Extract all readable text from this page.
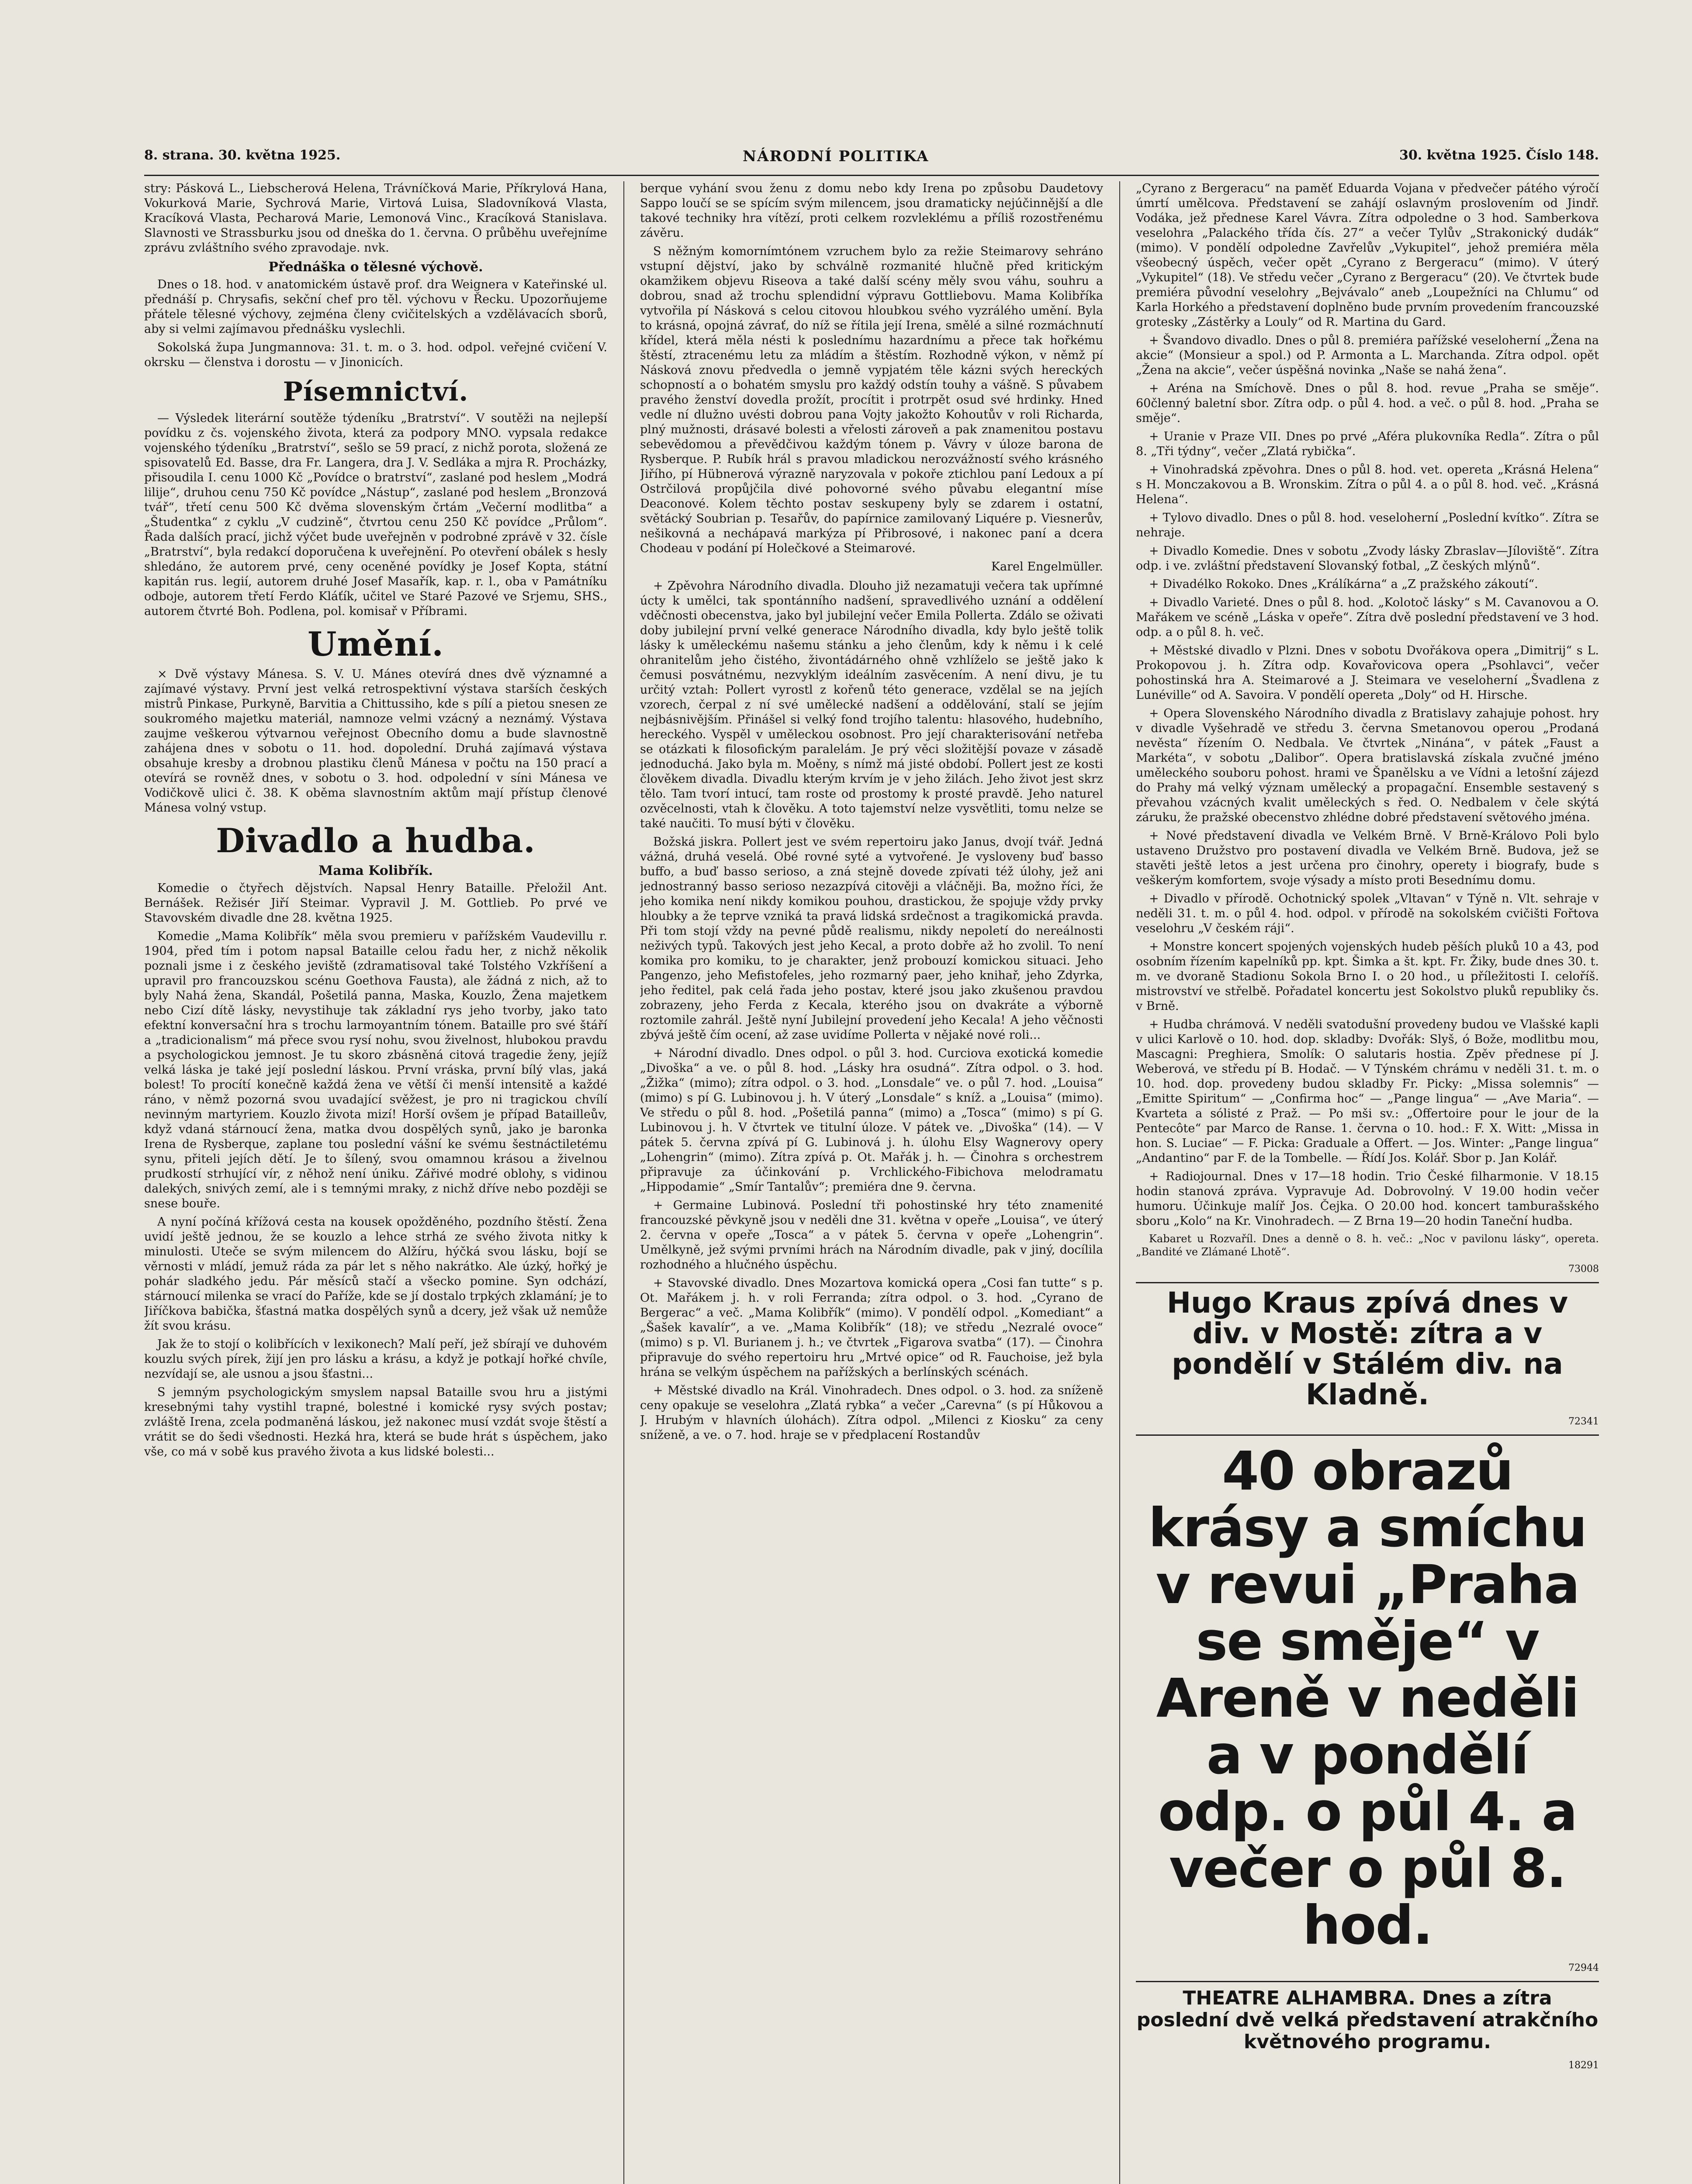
8. strana. 30. května 1925.	NÁRODNÍ POLITIKA	30. května 1925. Číslo 148.

stry: Pásková L., Liebscherová Helena, Trávníčková Marie, Příkrylová Hana, Vokurková Marie, Sychrová Marie, Virtová Luisa, Sladovníková Vlasta, Kracíková Vlasta, Pecharová Marie, Lemonová Vinc., Kracíková Stanislava. Slavnosti ve Strassburku jsou od dneška do 1. června. O průběhu uveřejníme zprávu zvláštního svého zpravodaje. nvk.

Přednáška o tělesné výchově.

Dnes o 18. hod. v anatomickém ústavě prof. dra Weignera v Kateřinské ul. přednáší p. Chrysafis, sekční chef pro těl. výchovu v Řecku. Upozorňujeme přátele tělesné výchovy, zejména členy cvičitelských a vzdělávacích sborů, aby si velmi zajímavou přednášku vyslechli.

Sokolská župa Jungmannova: 31. t. m. o 3. hod. odpol. veřejné cvičení V. okrsku — členstva i dorostu — v Jinonicích.

Písemnictví.

— Výsledek literární soutěže týdeníku „Bratrství“. V soutěži na nejlepší povídku z čs. vojenského života, která za podpory MNO. vypsala redakce vojenského týdeníku „Bratrství“, sešlo se 59 prací, z nichž porota, složená ze spisovatelů Ed. Basse, dra Fr. Langera, dra J. V. Sedláka a mjra R. Procházky, přisoudila I. cenu 1000 Kč „Povídce o bratrství“, zaslané pod heslem „Modrá lilije“, druhou cenu 750 Kč povídce „Nástup“, zaslané pod heslem „Bronzová tvář“, třetí cenu 500 Kč dvěma slovenským črtám „Večerní modlitba“ a „Študentka“ z cyklu „V cudzině“, čtvrtou cenu 250 Kč povídce „Průlom“. Řada dalších prací, jichž výčet bude uveřejněn v podrobné zprávě v 32. čísle „Bratrství“, byla redakcí doporučena k uveřejnění. Po otevření obálek s hesly shledáno, že autorem prvé, ceny oceněné povídky je Josef Kopta, státní kapitán rus. legií, autorem druhé Josef Masařík, kap. r. l., oba v Památníku odboje, autorem třetí Ferdo Kláťík, učitel ve Staré Pazové ve Srjemu, SHS., autorem čtvrté Boh. Podlena, pol. komisař v Příbrami.

Umění.

× Dvě výstavy Mánesa. S. V. U. Mánes otevírá dnes dvě významné a zajímavé výstavy. První jest velká retrospektivní výstava starších českých mistrů Pinkase, Purkyně, Barvitia a Chittussiho, kde s pílí a pietou snesen ze soukromého majetku materiál, namnoze velmi vzácný a neznámý. Výstava zaujme veškerou výtvarnou veřejnost Obecního domu a bude slavnostně zahájena dnes v sobotu o 11. hod. dopolední. Druhá zajímavá výstava obsahuje kresby a drobnou plastiku členů Mánesa v počtu na 150 prací a otevírá se rovněž dnes, v sobotu o 3. hod. odpolední v síni Mánesa ve Vodičkově ulici č. 38. K oběma slavnostním aktům mají přístup členové Mánesa volný vstup.

Divadlo a hudba.
Mama Kolibřík.

Komedie o čtyřech dějstvích. Napsal Henry Bataille. Přeložil Ant. Bernášek. Režisér Jiří Steimar. Vypravil J. M. Gottlieb. Po prvé ve Stavovském divadle dne 28. května 1925.

Komedie „Mama Kolibřík“ měla svou premieru v pařížském Vaudevillu r. 1904, před tím i potom napsal Bataille celou řadu her, z nichž několik poznali jsme i z českého jeviště (zdramatisoval také Tolstého Vzkříšení a upravil pro francouzskou scénu Goethova Fausta), ale žádná z nich, až to byly Nahá žena, Skandál, Pošetilá panna, Maska, Kouzlo, Žena majetkem nebo Cizí dítě lásky, nevystihuje tak základní rys jeho tvorby, jako tato efektní konversační hra s trochu larmoyantním tónem. Bataille pro své štáří a „tradicionalism“ má přece svou rysí nohu, svou živelnost, hlubokou pravdu a psychologickou jemnost. Je tu skoro zbásněná citová tragedie ženy, jejíž velká láska je také její poslední láskou. První vráska, první bílý vlas, jaká bolest! To procítí konečně každá žena ve větší či menší intensitě a každé ráno, v němž pozorná svou uvadající svěžest, je pro ni tragickou chvílí nevinným martyriem. Kouzlo života mizí! Horší ovšem je případ Batailleův, když vdaná stárnoucí žena, matka dvou dospělých synů, jako je baronka Irena de Rysberque, zaplane tou poslední vášní ke svému šestnáctiletému synu, přiteli jejích dětí. Je to šílený, svou omamnou krásou a živelnou prudkostí strhující vír, z něhož není úniku. Zářivé modré oblohy, s vidinou dalekých, snivých zemí, ale i s temnými mraky, z nichž dříve nebo později se snese bouře.

A nyní počíná křížová cesta na kousek opožděného, pozdního štěstí. Žena uvidí ještě jednou, že se kouzlo a lehce strhá ze svého života nitky k minulosti. Uteče se svým milencem do Alžíru, hýčká svou lásku, bojí se věrnosti v mládí, jemuž ráda za pár let s něho nakrátko. Ale úzký, hořký je pohár sladkého jedu. Pár měsíců stačí a všecko pomine. Syn odchází, stárnoucí milenka se vrací do Paříže, kde se jí dostalo trpkých zklamání; je to Jiříčkova babička, šťastná matka dospělých synů a dcery, jež však už nemůže žít svou krásu.

Jak že to stojí o kolibřících v lexikonech? Malí peří, jež sbírají ve duhovém kouzlu svých pírek, žijí jen pro lásku a krásu, a když je potkají hořké chvíle, nezvídají se, ale usnou a jsou šťastni...

S jemným psychologickým smyslem napsal Bataille svou hru a jistými kresebnými tahy vystihl trapné, bolestné i komické rysy svých postav; zvláště Irena, zcela podmaněná láskou, jež nakonec musí vzdát svoje štěstí a vrátit se do šedi všednosti. Hezká hra, která se bude hrát s úspěchem, jako vše, co má v sobě kus pravého života a kus lidské bolesti...

berque vyhání svou ženu z domu nebo kdy Irena po způsobu Daudetovy Sappo loučí se se spícím svým milencem, jsou dramaticky nejúčinnější a dle takové techniky hra vítězí, proti celkem rozvleklému a příliš rozostřenému závěru.

S něžným komornímtónem vzruchem bylo za režie Steimarovy sehráno vstupní dějství, jako by schválně rozmanité hlučně před kritickým okamžikem objevu Riseova a také další scény měly svou váhu, souhru a dobrou, snad až trochu splendidní výpravu Gottliebovu. Mama Kolibříka vytvořila pí Násková s celou citovou hloubkou svého vyzrálého umění. Byla to krásná, opojná závrať, do níž se řítila její Irena, smělé a silné rozmáchnutí křídel, která měla nésti k poslednímu hazardnímu a přece tak hořkému štěstí, ztracenému letu za mládím a štěstím. Rozhodně výkon, v němž pí Násková znovu předvedla o jemně vypjatém těle kázni svých hereckých schopností a o bohatém smyslu pro každý odstín touhy a vášně. S půvabem pravého ženství dovedla prožít, procítit i protrpět osud své hrdinky. Hned vedle ní dlužno uvésti dobrou pana Vojty jakožto Kohoutův v roli Richarda, plný mužnosti, drásavé bolesti a vřelosti zároveň a pak znamenitou postavu sebevědomou a převědčivou každým tónem p. Vávry v úloze barona de Rysberque. P. Rubík hrál s pravou mladickou nerozvážností svého krásného Jiřího, pí Hübnerová výrazně naryzovala v pokoře ztichlou paní Ledoux a pí Ostrčilová propůjčila divé pohovorné svého půvabu elegantní míse Deaconové. Kolem těchto postav seskupeny byly se zdarem i ostatní, světácký Soubrian p. Tesařův, do papírnice zamilovaný Liquére p. Viesnerův, nešikovná a nechápavá markýza pí Přibrosové, i nakonec paní a dcera Chodeau v podání pí Holečkové a Steimarové.

Karel Engelmüller.

+ Zpěvohra Národního divadla. Dlouho již nezamatuji večera tak upřímné úcty k umělci, tak spontánního nadšení, spravedlivého uznání a oddělení vděčnosti obecenstva, jako byl jubilejní večer Emila Pollerta. Zdálo se oživati doby jubilejní první velké generace Národního divadla, kdy bylo ještě tolik lásky k uměleckému našemu stánku a jeho členům, kdy k němu i k celé ohranitelům jeho čistého, živontádárného ohně vzhlíželo se ještě jako k čemusi posvátnému, nezvyklým ideálním zasvěcením. A není divu, je tu určitý vztah: Pollert vyrostl z kořenů této generace, vzdělal se na jejích vzorech, čerpal z ní své umělecké nadšení a oddělování, stalí se jejím nejbásnivějším. Přinášel si velký fond trojího talentu: hlasového, hudebního, hereckého. Vyspěl v uměleckou osobnost. Pro její charakterisování netřeba se otázkati k filosofickým paralelám. Je prý věci složitější povaze v zásadě jednoduchá. Jako byla m. Moěny, s nímž má jisté období. Pollert jest ze kosti člověkem divadla. Divadlu kterým krvím je v jeho žilách. Jeho život jest skrz tělo. Tam tvorí intucí, tam roste od prostomy k prosté pravdě. Jeho naturel ozvěcelnosti, vtah k člověku. A toto tajemství nelze vysvětliti, tomu nelze se také naučiti. To musí býti v člověku.

Božská jiskra. Pollert jest ve svém repertoiru jako Janus, dvojí tvář. Jedná vážná, druhá veselá. Obé rovné syté a vytvořené. Je vysloveny buď basso buffo, a buď basso serioso, a zná stejně dovede zpívati též úlohy, jež ani jednostranný basso serioso nezazpívá citověji a vláčněji. Ba, možno říci, že jeho komika není nikdy komikou pouhou, drastickou, že spojuje vždy prvky hloubky a že teprve vzniká ta pravá lidská srdečnost a tragikomická pravda. Při tom stojí vždy na pevné půdě realismu, nikdy nepoletí do nereálnosti neživých typů. Takových jest jeho Kecal, a proto dobře až ho zvolil. To není komika pro komiku, to je charakter, jenž probouzí komickou situaci. Jeho Pangenzo, jeho Mefistofeles, jeho rozmarný paer, jeho knihař, jeho Zdyrka, jeho ředitel, pak celá řada jeho postav, které jsou jako zkušenou pravdou zobrazeny, jeho Ferda z Kecala, kterého jsou on dvakráte a výborně roztomile zahrál. Ještě nyní Jubilejní provedení jeho Kecala! A jeho věčnosti zbývá ještě čím ocení, až zase uvidíme Pollerta v nějaké nové roli...

+ Národní divadlo. Dnes odpol. o půl 3. hod. Curciova exotická komedie „Divoška“ a ve. o půl 8. hod. „Lásky hra osudná“. Zítra odpol. o 3. hod. „Žižka“ (mimo); zítra odpol. o 3. hod. „Lonsdale“ ve. o půl 7. hod. „Louisa“ (mimo) s pí G. Lubinovou j. h. V úterý „Lonsdale“ s kníž. a „Louisa“ (mimo). Ve středu o půl 8. hod. „Pošetilá panna“ (mimo) a „Tosca“ (mimo) s pí G. Lubinovou j. h. V čtvrtek ve titulní úloze. V pátek ve. „Divoška“ (14). — V pátek 5. června zpívá pí G. Lubinová j. h. úlohu Elsy Wagnerovy opery „Lohengrin“ (mimo). Zítra zpívá p. Ot. Mařák j. h. — Činohra s orchestrem připravuje za účinkování p. Vrchlického-Fibichova melodramatu „Hippodamie“ „Smír Tantalův“; premiéra dne 9. června.

+ Germaine Lubinová. Poslední tři pohostinské hry této znamenité francouzské pěvkyně jsou v neděli dne 31. května v opeře „Louisa“, ve úterý 2. června v opeře „Tosca“ a v pátek 5. června v opeře „Lohengrin“. Umělkyně, jež svými prvními hrách na Národním divadle, pak v jiný, docílila rozhodného a hlučného úspěchu.

+ Stavovské divadlo. Dnes Mozartova komická opera „Cosi fan tutte“ s p. Ot. Mařákem j. h. v roli Ferranda; zítra odpol. o 3. hod. „Cyrano de Bergerac“ a več. „Mama Kolibřík“ (mimo). V pondělí odpol. „Komediant“ a „Šašek kavalír“, a ve. „Mama Kolibřík“ (18); ve středu „Nezralé ovoce“ (mimo) s p. Vl. Burianem j. h.; ve čtvrtek „Figarova svatba“ (17). — Činohra připravuje do svého repertoiru hru „Mrtvé opice“ od R. Fauchoise, jež byla hrána se velkým úspěchem na pařížských a berlínských scénách.

+ Městské divadlo na Král. Vinohradech. Dnes odpol. o 3. hod. za sníženě ceny opakuje se veselohra „Zlatá rybka“ a večer „Carevna“ (s pí Hůkovou a J. Hrubým v hlavních úlohách). Zítra odpol. „Milenci z Kiosku“ za ceny sníženě, a ve. o 7. hod. hraje se v předplacení Rostandův

„Cyrano z Bergeracu“ na paměť Eduarda Vojana v předvečer pátého výročí úmrtí umělcova. Představení se zahájí oslavným proslovením od Jindř. Vodáka, jež přednese Karel Vávra. Zítra odpoledne o 3 hod. Samberkova veselohra „Palackého třída čís. 27“ a večer Tylův „Strakonický dudák“ (mimo). V pondělí odpoledne Zavřelův „Vykupitel“, jehož premiéra měla všeobecný úspěch, večer opět „Cyrano z Bergeracu“ (mimo). V úterý „Vykupitel“ (18). Ve středu večer „Cyrano z Bergeracu“ (20). Ve čtvrtek bude premiéra původní veselohry „Bejvávalo“ aneb „Loupežníci na Chlumu“ od Karla Horkého a představení doplněno bude prvním provedením francouzské grotesky „Zástěrky a Louly“ od R. Martina du Gard.

+ Švandovo divadlo. Dnes o půl 8. premiéra pařížské veseloherní „Žena na akcie“ (Monsieur a spol.) od P. Armonta a L. Marchanda. Zítra odpol. opět „Žena na akcie“, večer úspěšná novinka „Naše se nahá žena“.

+ Aréna na Smíchově. Dnes o půl 8. hod. revue „Praha se směje“. 60členný baletní sbor. Zítra odp. o půl 4. hod. a več. o půl 8. hod. „Praha se směje“.

+ Uranie v Praze VII. Dnes po prvé „Aféra plukovníka Redla“. Zítra o půl 8. „Tři týdny“, večer „Zlatá rybička“.

+ Vinohradská zpěvohra. Dnes o půl 8. hod. vet. opereta „Krásná Helena“ s H. Monczakovou a B. Wronskim. Zítra o půl 4. a o půl 8. hod. več. „Krásná Helena“.

+ Tylovo divadlo. Dnes o půl 8. hod. veseloherní „Poslední kvítko“. Zítra se nehraje.

+ Divadlo Komedie. Dnes v sobotu „Zvody lásky Zbraslav—Jíloviště“. Zítra odp. i ve. zvláštní představení Slovanský fotbal, „Z českých mlýnů“.

+ Divadélko Rokoko. Dnes „Králíkárna“ a „Z pražského zákoutí“.

+ Divadlo Varieté. Dnes o půl 8. hod. „Kolotoč lásky“ s M. Cavanovou a O. Mařákem ve scéně „Láska v opeře“. Zítra dvě poslední představení ve 3 hod. odp. a o půl 8. h. več.

+ Městské divadlo v Plzni. Dnes v sobotu Dvořákova opera „Dimitrij“ s L. Prokopovou j. h. Zítra odp. Kovařovicova opera „Psohlavci“, večer pohostinská hra A. Steimarové a J. Steimara ve veseloherní „Švadlena z Lunéville“ od A. Savoira. V pondělí opereta „Doly“ od H. Hirsche.

+ Opera Slovenského Národního divadla z Bratislavy zahajuje pohost. hry v divadle Vyšehradě ve středu 3. června Smetanovou operou „Prodaná nevěsta“ řízením O. Nedbala. Ve čtvrtek „Ninána“, v pátek „Faust a Markéta“, v sobotu „Dalibor“. Opera bratislavská získala zvučné jméno uměleckého souboru pohost. hrami ve Španělsku a ve Vídni a letošní zájezd do Prahy má velký význam umělecký a propagační. Ensemble sestavený s převahou vzácných kvalit uměleckých s řed. O. Nedbalem v čele skýtá záruku, že pražské obecenstvo zhlédne dobré představení světového jména.

+ Nové představení divadla ve Velkém Brně. V Brně-Královo Poli bylo ustaveno Družstvo pro postavení divadla ve Velkém Brně. Budova, jež se stavěti ještě letos a jest určena pro činohry, operety i biografy, bude s veškerým komfortem, svoje výsady a místo proti Besednímu domu.

+ Divadlo v přírodě. Ochotnický spolek „Vltavan“ v Týně n. Vlt. sehraje v neděli 31. t. m. o půl 4. hod. odpol. v přírodě na sokolském cvičišti Fořtova veselohru „V českém ráji“.

+ Monstre koncert spojených vojenských hudeb pěších pluků 10 a 43, pod osobním řízením kapelníků pp. kpt. Šimka a št. kpt. Fr. Žiky, bude dnes 30. t. m. ve dvoraně Stadionu Sokola Brno I. o 20 hod., u příležitosti I. celoříš. mistrovství ve střelbě. Pořadatel koncertu jest Sokolstvo pluků republiky čs. v Brně.

+ Hudba chrámová. V neděli svatodušní provedeny budou ve Vlašské kapli v ulici Karlově o 10. hod. dop. skladby: Dvořák: Slyš, ó Bože, modlitbu mou, Mascagni: Preghiera, Smolík: O salutaris hostia. Zpěv přednese pí J. Weberová, ve středu pí B. Hodač. — V Týnském chrámu v neděli 31. t. m. o 10. hod. dop. provedeny budou skladby Fr. Picky: „Missa solemnis“ — „Emitte Spiritum“ — „Confirma hoc“ — „Pange lingua“ — „Ave Maria“. — Kvarteta a sólisté z Praž. — Po mši sv.: „Offertoire pour le jour de la Pentecôte“ par Marco de Ranse. 1. června o 10. hod.: F. X. Witt: „Missa in hon. S. Luciae“ — F. Picka: Graduale a Offert. — Jos. Winter: „Pange lingua“ „Andantino“ par F. de la Tombelle. — Řídí Jos. Kolář. Sbor p. Jan Kolář.

+ Radiojournal. Dnes v 17—18 hodin. Trio České filharmonie. V 18.15 hodin stanová zpráva. Vypravuje Ad. Dobrovolný. V 19.00 hodin večer humoru. Účinkuje malíř Jos. Čejka. O 20.00 hod. koncert tamburašského sboru „Kolo“ na Kr. Vinohradech. — Z Brna 19—20 hodin Taneční hudba.

Kabaret u Rozvaříl. Dnes a denně o 8. h. več.: „Noc v pavilonu lásky“, opereta. „Bandité ve Zlámané Lhotě“.

73008
Hugo Kraus zpívá dnes v div. v Mostě: zítra a v pondělí v Stálém div. na Kladně.
72341
40 obrazů krásy a smíchu v revui „Praha se směje“ v Areně v neděli a v pondělí odp. o půl 4. a večer o půl 8. hod.
72944
THEATRE ALHAMBRA. Dnes a zítra poslední dvě velká představení atrakčního květnového programu.
18291
